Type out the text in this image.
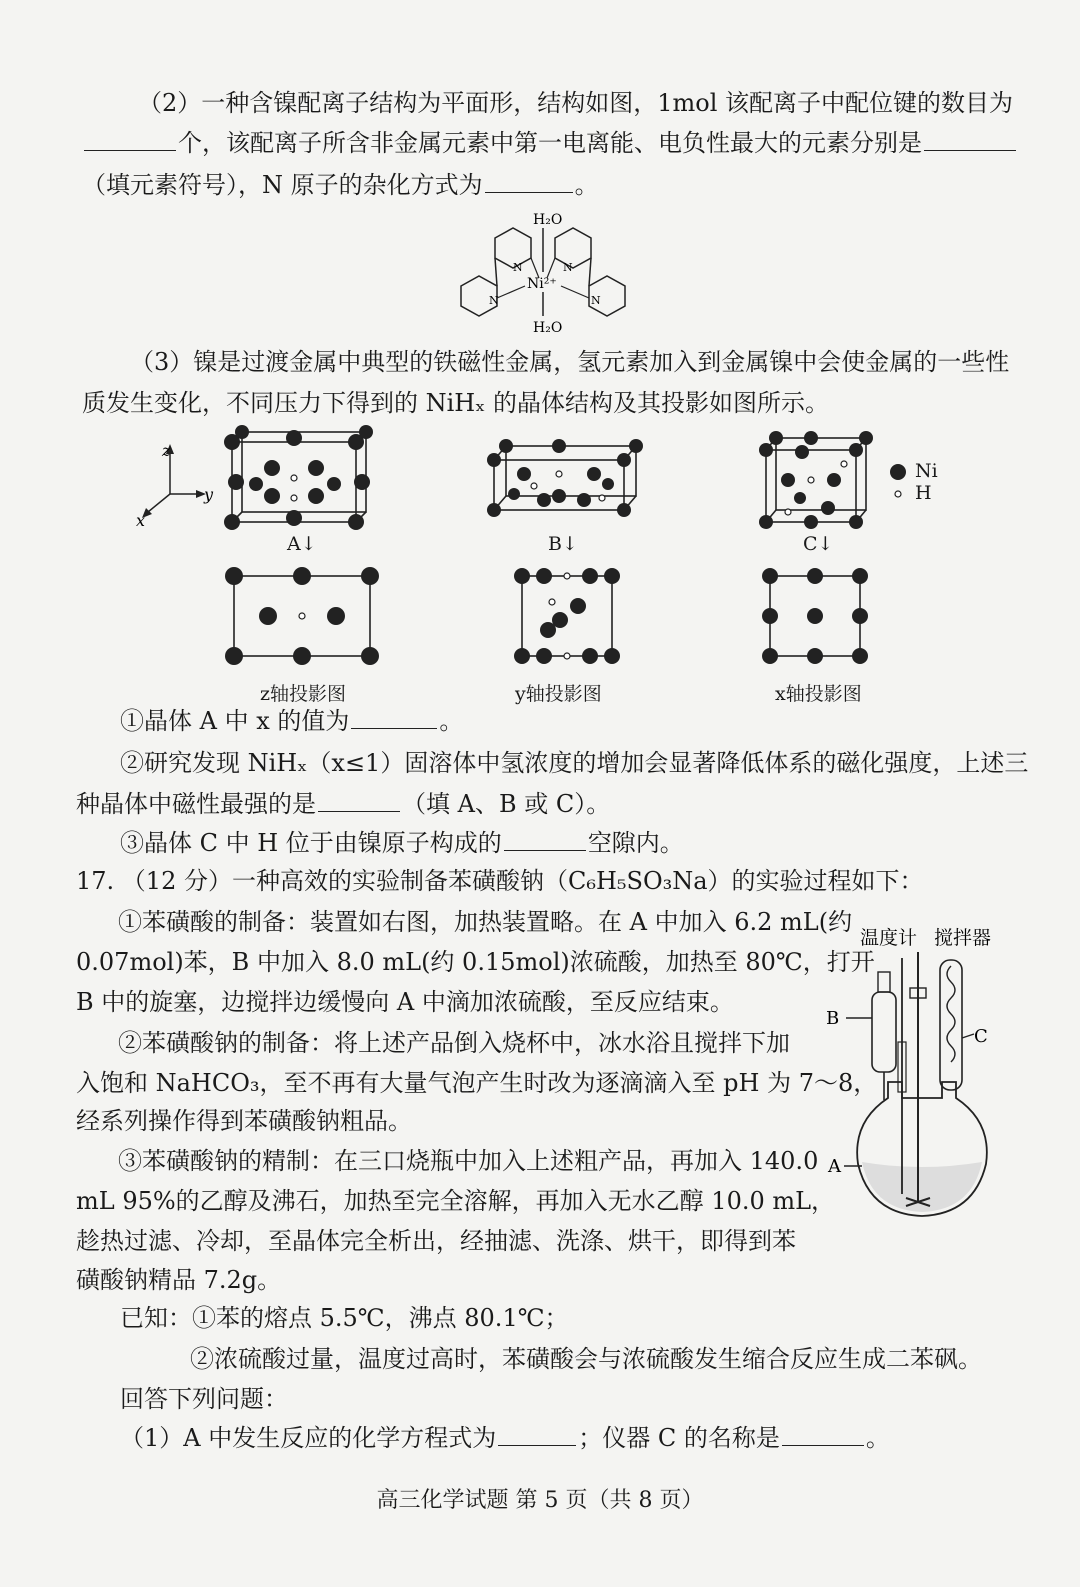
（2）一种含镍配离子结构为平面形，结构如图，1mol 该配离子中配位键的数目为
个，该配离子所含非金属元素中第一电离能、电负性最大的元素分别是
（填元素符号），N 原子的杂化方式为	。
H₂O
H₂O
Ni²⁺
N	N
N	N
（3）镍是过渡金属中典型的铁磁性金属，氢元素加入到金属镍中会使金属的一些性
质发生变化，不同压力下得到的 NiHₓ 的晶体结构及其投影如图所示。
z
y
x
A↓	B↓	C↓
Ni
H
z轴投影图	y轴投影图	x轴投影图
①晶体 A 中 x 的值为	。
②研究发现 NiHₓ（x≤1）固溶体中氢浓度的增加会显著降低体系的磁化强度，上述三
种晶体中磁性最强的是	（填 A、B 或 C）。
③晶体 C 中 H 位于由镍原子构成的	空隙内。
17. （12 分）一种高效的实验制备苯磺酸钠（C₆H₅SO₃Na）的实验过程如下：
①苯磺酸的制备：装置如右图，加热装置略。在 A 中加入 6.2 mL(约
0.07mol)苯，B 中加入 8.0 mL(约 0.15mol)浓硫酸，加热至 80℃，打开
B 中的旋塞，边搅拌边缓慢向 A 中滴加浓硫酸，至反应结束。
②苯磺酸钠的制备：将上述产品倒入烧杯中，冰水浴且搅拌下加
入饱和 NaHCO₃，至不再有大量气泡产生时改为逐滴滴入至 pH 为 7～8，
经系列操作得到苯磺酸钠粗品。
③苯磺酸钠的精制：在三口烧瓶中加入上述粗产品，再加入 140.0
mL 95%的乙醇及沸石，加热至完全溶解，再加入无水乙醇 10.0 mL，
趁热过滤、冷却，至晶体完全析出，经抽滤、洗涤、烘干，即得到苯
磺酸钠精品 7.2g。
温度计 搅拌器
B
C
A
已知：①苯的熔点 5.5℃，沸点 80.1℃；
②浓硫酸过量，温度过高时，苯磺酸会与浓硫酸发生缩合反应生成二苯砜。
回答下列问题：
（1）A 中发生反应的化学方程式为	；仪器 C 的名称是	。
高三化学试题 第 5 页（共 8 页）
